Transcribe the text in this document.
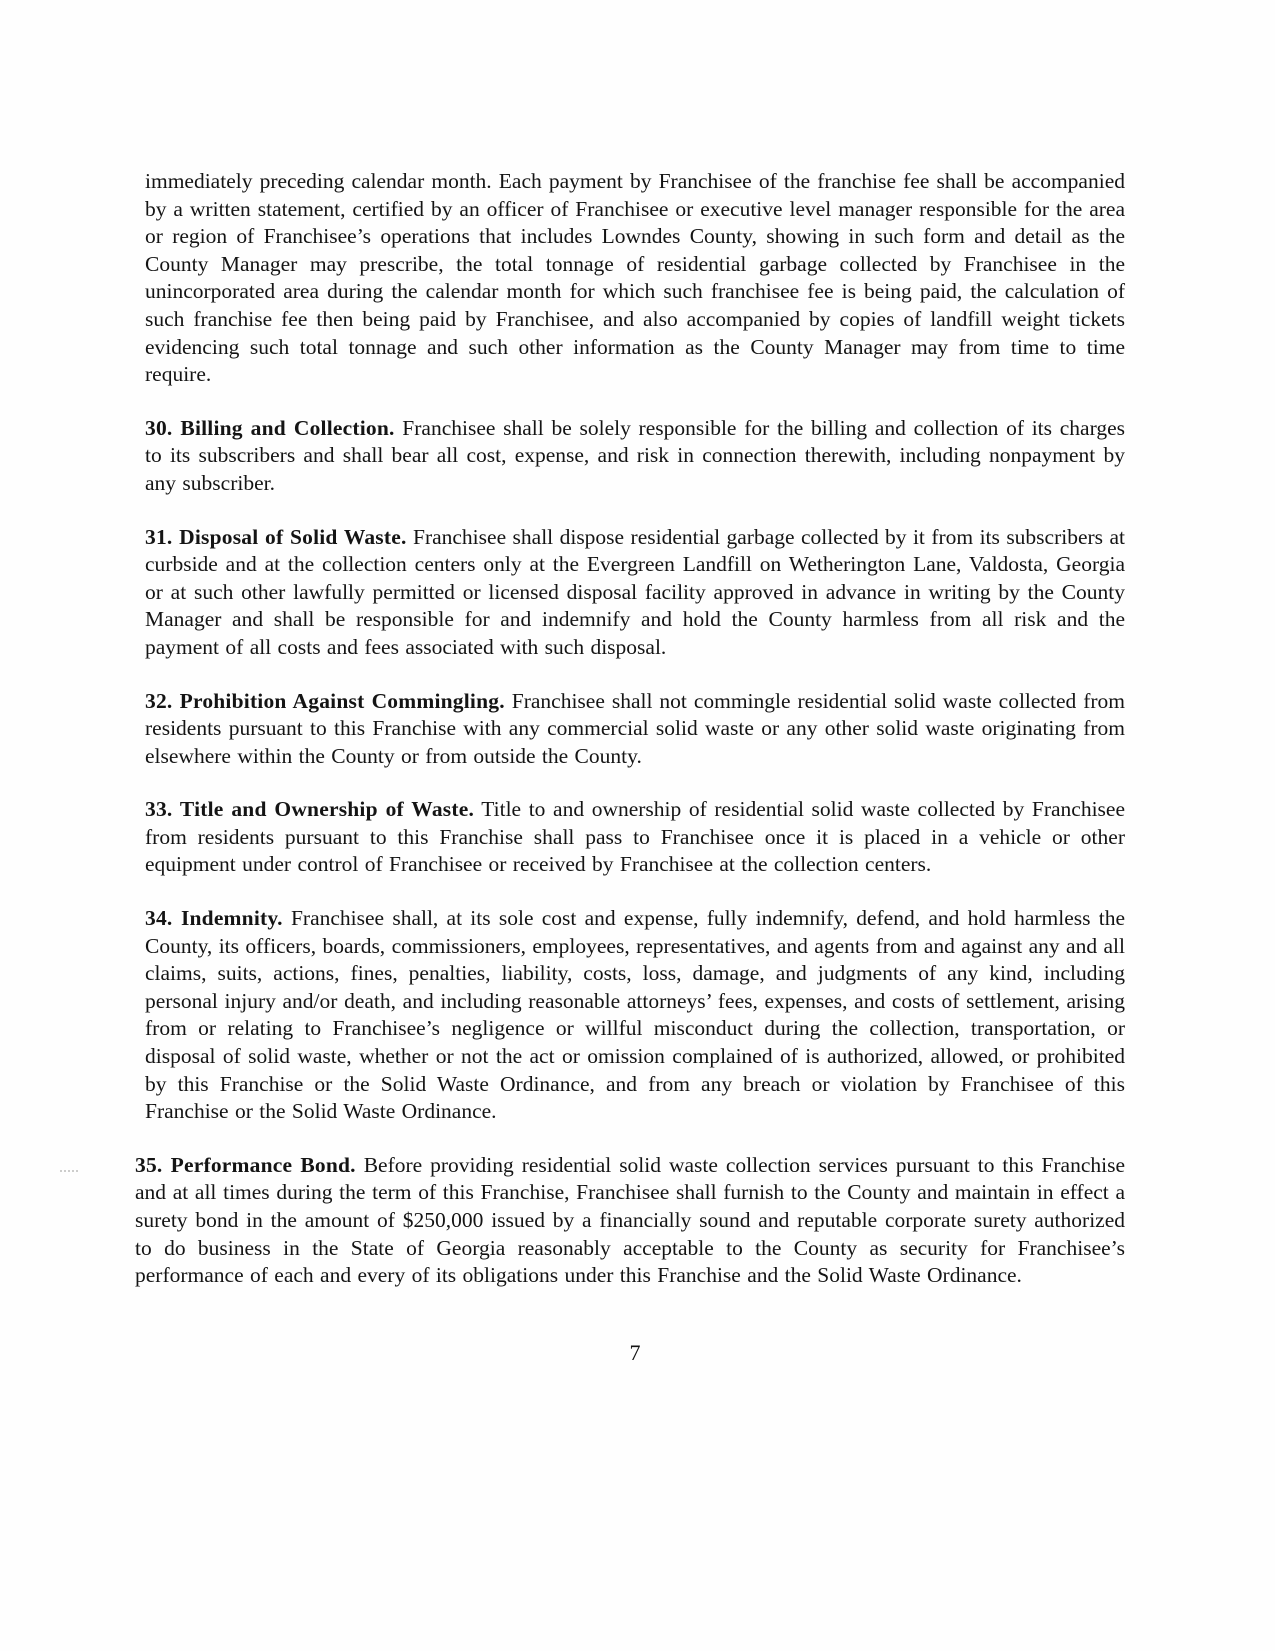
immediately preceding calendar month. Each payment by Franchisee of the franchise fee shall be accompanied by a written statement, certified by an officer of Franchisee or executive level manager responsible for the area or region of Franchisee’s operations that includes Lowndes County, showing in such form and detail as the County Manager may prescribe, the total tonnage of residential garbage collected by Franchisee in the unincorporated area during the calendar month for which such franchisee fee is being paid, the calculation of such franchise fee then being paid by Franchisee, and also accompanied by copies of landfill weight tickets evidencing such total tonnage and such other information as the County Manager may from time to time require.

30. Billing and Collection. Franchisee shall be solely responsible for the billing and collection of its charges to its subscribers and shall bear all cost, expense, and risk in connection therewith, including nonpayment by any subscriber.

31. Disposal of Solid Waste. Franchisee shall dispose residential garbage collected by it from its subscribers at curbside and at the collection centers only at the Evergreen Landfill on Wetherington Lane, Valdosta, Georgia or at such other lawfully permitted or licensed disposal facility approved in advance in writing by the County Manager and shall be responsible for and indemnify and hold the County harmless from all risk and the payment of all costs and fees associated with such disposal.

32. Prohibition Against Commingling. Franchisee shall not commingle residential solid waste collected from residents pursuant to this Franchise with any commercial solid waste or any other solid waste originating from elsewhere within the County or from outside the County.

33. Title and Ownership of Waste. Title to and ownership of residential solid waste collected by Franchisee from residents pursuant to this Franchise shall pass to Franchisee once it is placed in a vehicle or other equipment under control of Franchisee or received by Franchisee at the collection centers.

34. Indemnity. Franchisee shall, at its sole cost and expense, fully indemnify, defend, and hold harmless the County, its officers, boards, commissioners, employees, representatives, and agents from and against any and all claims, suits, actions, fines, penalties, liability, costs, loss, damage, and judgments of any kind, including personal injury and/or death, and including reasonable attorneys’ fees, expenses, and costs of settlement, arising from or relating to Franchisee’s negligence or willful misconduct during the collection, transportation, or disposal of solid waste, whether or not the act or omission complained of is authorized, allowed, or prohibited by this Franchise or the Solid Waste Ordinance, and from any breach or violation by Franchisee of this Franchise or the Solid Waste Ordinance.

35. Performance Bond. Before providing residential solid waste collection services pursuant to this Franchise and at all times during the term of this Franchise, Franchisee shall furnish to the County and maintain in effect a surety bond in the amount of $250,000 issued by a financially sound and reputable corporate surety authorized to do business in the State of Georgia reasonably acceptable to the County as security for Franchisee’s performance of each and every of its obligations under this Franchise and the Solid Waste Ordinance.

7
